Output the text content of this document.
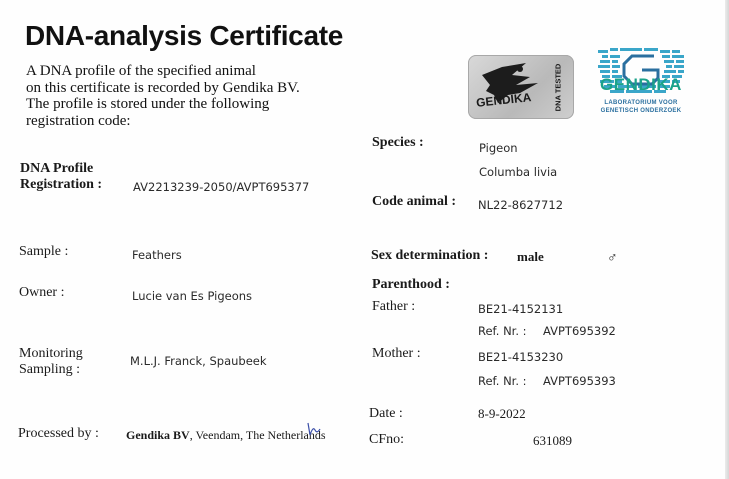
DNA-analysis Certificate
A DNA profile of the specified animal
on this certificate is recorded by Gendika BV.
The profile is stored under the following
registration code:
GENDIKA	DNA TESTED	GENDIKA
LABORATORIUM VOOR
GENETISCH ONDERZOEK
DNA Profile
Registration :	AV2213239-2050/AVPT695377
Sample :	Feathers
Owner :	Lucie van Es Pigeons
Monitoring
Sampling :
M.L.J. Franck, Spaubeek
Processed by : Gendika BV, Veendam, The Netherlands
Species :	Pigeon
Columba livia
Code animal : NL22-8627712
Sex determination : male	♂
Parenthood :
Father :	BE21-4152131
Ref. Nr. : AVPT695392
Mother :	BE21-4153230
Ref. Nr. : AVPT695393
Date :	8-9-2022
CFno:	631089
